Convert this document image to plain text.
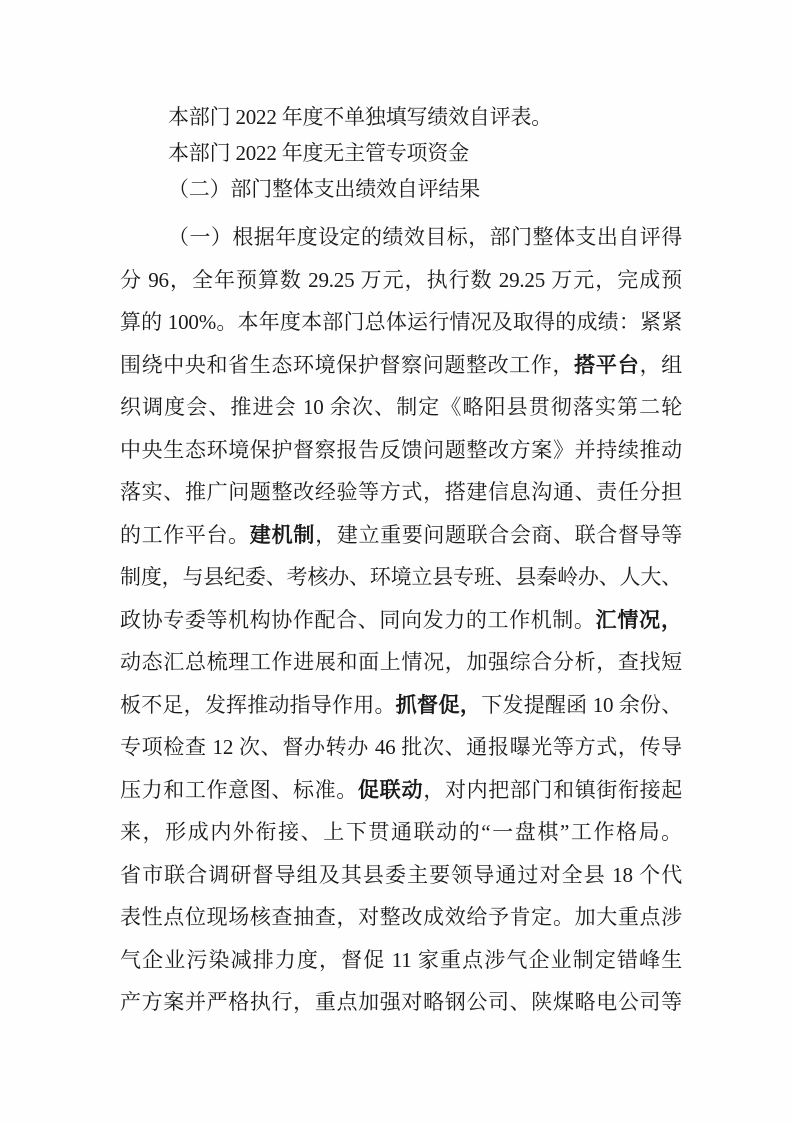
本部门 2022 年度不单独填写绩效自评表。
本部门 2022 年度无主管专项资金
（二）部门整体支出绩效自评结果
（一）根据年度设定的绩效目标，部门整体支出自评得
分 96，全年预算数 29.25 万元，执行数 29.25 万元，完成预
算的 100%。本年度本部门总体运行情况及取得的成绩：紧紧
围绕中央和省生态环境保护督察问题整改工作，搭平台，组
织调度会、推进会 10 余次、制定《略阳县贯彻落实第二轮
中央生态环境保护督察报告反馈问题整改方案》并持续推动
落实、推广问题整改经验等方式，搭建信息沟通、责任分担
的工作平台。建机制，建立重要问题联合会商、联合督导等
制度，与县纪委、考核办、环境立县专班、县秦岭办、人大、
政协专委等机构协作配合、同向发力的工作机制。汇情况，
动态汇总梳理工作进展和面上情况，加强综合分析，查找短
板不足，发挥推动指导作用。抓督促，下发提醒函 10 余份、
专项检查 12 次、督办转办 46 批次、通报曝光等方式，传导
压力和工作意图、标准。促联动，对内把部门和镇街衔接起
来，形成内外衔接、上下贯通联动的“一盘棋”工作格局。
省市联合调研督导组及其县委主要领导通过对全县 18 个代
表性点位现场核查抽查，对整改成效给予肯定。加大重点涉
气企业污染减排力度，督促 11 家重点涉气企业制定错峰生
产方案并严格执行，重点加强对略钢公司、陕煤略电公司等
